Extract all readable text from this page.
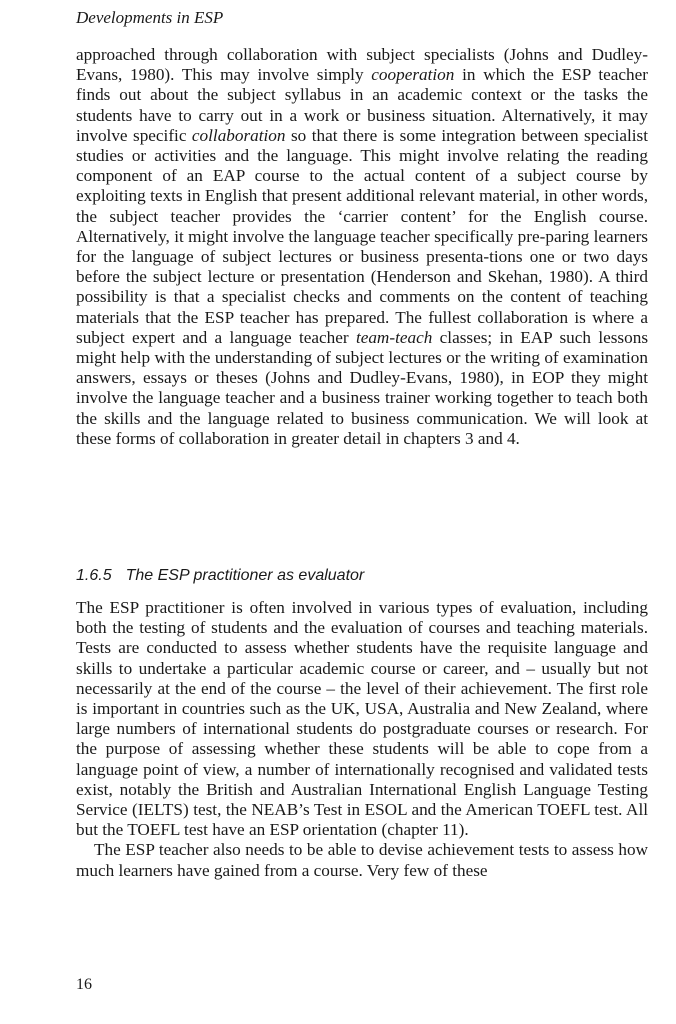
Developments in ESP

approached through collaboration with subject specialists (Johns and Dudley-Evans, 1980). This may involve simply cooperation in which the ESP teacher finds out about the subject syllabus in an academic context or the tasks the students have to carry out in a work or business situation. Alternatively, it may involve specific collaboration so that there is some integration between specialist studies or activities and the language. This might involve relating the reading component of an EAP course to the actual content of a subject course by exploiting texts in English that present additional relevant material, in other words, the subject teacher provides the ‘carrier content’ for the English course. Alternatively, it might involve the language teacher specifically pre-paring learners for the language of subject lectures or business presenta-tions one or two days before the subject lecture or presentation (Henderson and Skehan, 1980). A third possibility is that a specialist checks and comments on the content of teaching materials that the ESP teacher has prepared. The fullest collaboration is where a subject expert and a language teacher team-teach classes; in EAP such lessons might help with the understanding of subject lectures or the writing of examination answers, essays or theses (Johns and Dudley-Evans, 1980), in EOP they might involve the language teacher and a business trainer working together to teach both the skills and the language related to business communication. We will look at these forms of collaboration in greater detail in chapters 3 and 4.

1.6.5 The ESP practitioner as evaluator

The ESP practitioner is often involved in various types of evaluation, including both the testing of students and the evaluation of courses and teaching materials. Tests are conducted to assess whether students have the requisite language and skills to undertake a particular academic course or career, and – usually but not necessarily at the end of the course – the level of their achievement. The first role is important in countries such as the UK, USA, Australia and New Zealand, where large numbers of international students do postgraduate courses or research. For the purpose of assessing whether these students will be able to cope from a language point of view, a number of internationally recognised and validated tests exist, notably the British and Australian International English Language Testing Service (IELTS) test, the NEAB’s Test in ESOL and the American TOEFL test. All but the TOEFL test have an ESP orientation (chapter 11).

The ESP teacher also needs to be able to devise achievement tests to assess how much learners have gained from a course. Very few of these

16
